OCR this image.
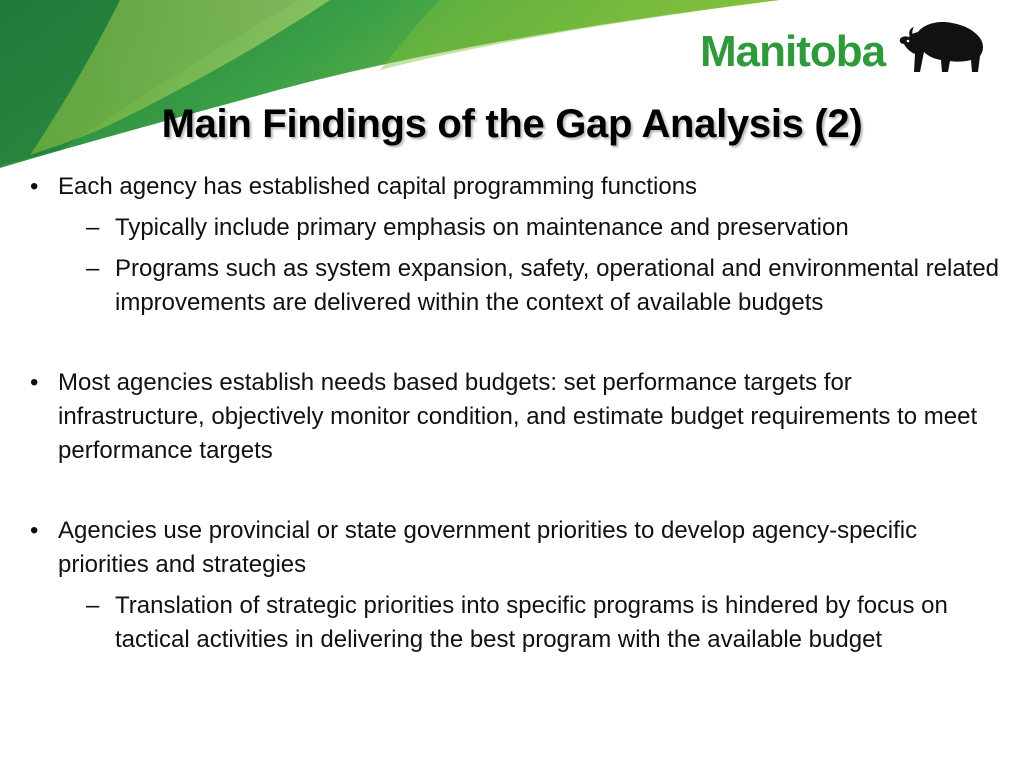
Manitoba
Main Findings of the Gap Analysis (2)

• Each agency has established capital programming functions

– Typically include primary emphasis on maintenance and preservation

– Programs such as system expansion, safety, operational and environmental related improvements are delivered within the context of available budgets

• Most agencies establish needs based budgets: set performance targets for infrastructure, objectively monitor condition, and estimate budget requirements to meet performance targets

• Agencies use provincial or state government priorities to develop agency-specific priorities and strategies

– Translation of strategic priorities into specific programs is hindered by focus on tactical activities in delivering the best program with the available budget
